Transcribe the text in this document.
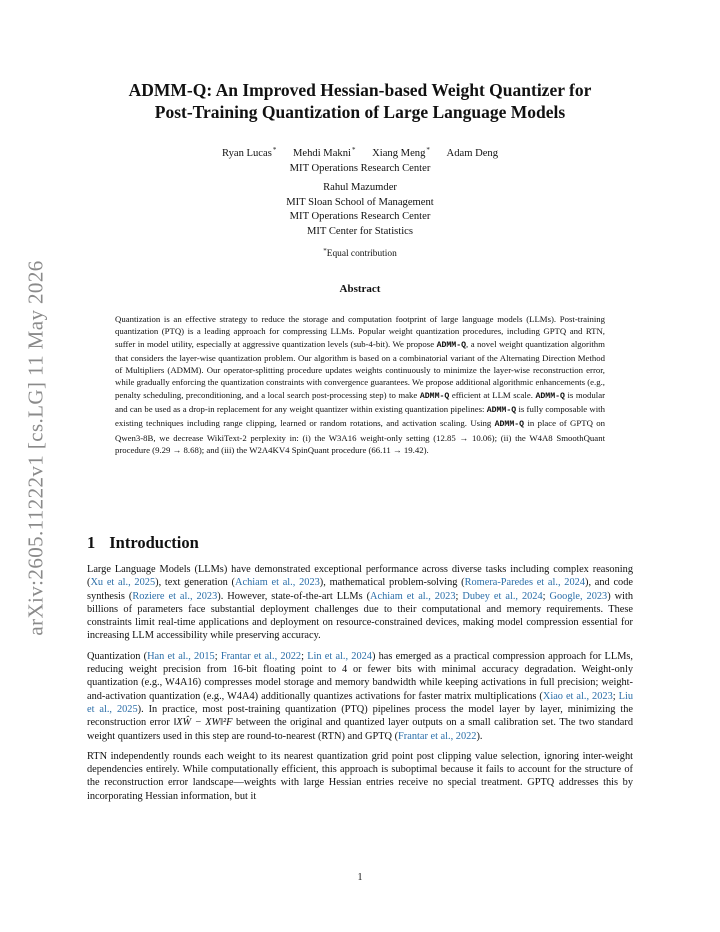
arXiv:2605.11222v1 [cs.LG] 11 May 2026
ADMM-Q: An Improved Hessian-based Weight Quantizer for
Post-Training Quantization of Large Language Models
Ryan Lucas* Mehdi Makni* Xiang Meng* Adam Deng
MIT Operations Research Center
Rahul Mazumder
MIT Sloan School of Management
MIT Operations Research Center
MIT Center for Statistics
*Equal contribution
Abstract

Quantization is an effective strategy to reduce the storage and computation footprint of large language models (LLMs). Post-training quantization (PTQ) is a leading approach for compressing LLMs. Popular weight quantization procedures, including GPTQ and RTN, suffer in model utility, especially at aggressive quantization levels (sub-4-bit). We propose ADMM-Q, a novel weight quantization algorithm that considers the layer-wise quantization problem. Our algorithm is based on a combinatorial variant of the Alternating Direction Method of Multipliers (ADMM). Our operator-splitting procedure updates weights continuously to minimize the layer-wise reconstruction error, while gradually enforcing the quantization constraints with convergence guarantees. We propose additional algorithmic enhancements (e.g., penalty scheduling, preconditioning, and a local search post-processing step) to make ADMM-Q efficient at LLM scale. ADMM-Q is modular and can be used as a drop-in replacement for any weight quantizer within existing quantization pipelines: ADMM-Q is fully composable with existing techniques including range clipping, learned or random rotations, and activation scaling. Using ADMM-Q in place of GPTQ on Qwen3-8B, we decrease WikiText-2 perplexity in: (i) the W3A16 weight-only setting (12.85 → 10.06); (ii) the W4A8 SmoothQuant procedure (9.29 → 8.68); and (iii) the W2A4KV4 SpinQuant procedure (66.11 → 19.42).

1 Introduction

Large Language Models (LLMs) have demonstrated exceptional performance across diverse tasks including complex reasoning (Xu et al., 2025), text generation (Achiam et al., 2023), mathematical problem-solving (Romera-Paredes et al., 2024), and code synthesis (Roziere et al., 2023). However, state-of-the-art LLMs (Achiam et al., 2023; Dubey et al., 2024; Google, 2023) with billions of parameters face substantial deployment challenges due to their computational and memory requirements. These constraints limit real-time applications and deployment on resource-constrained devices, making model compression essential for increasing LLM accessibility while preserving accuracy.

Quantization (Han et al., 2015; Frantar et al., 2022; Lin et al., 2024) has emerged as a practical compression approach for LLMs, reducing weight precision from 16-bit floating point to 4 or fewer bits with minimal accuracy degradation. Weight-only quantization (e.g., W4A16) compresses model storage and memory bandwidth while keeping activations in full precision; weight-and-activation quantization (e.g., W4A4) additionally quantizes activations for faster matrix multiplications (Xiao et al., 2023; Liu et al., 2025). In practice, most post-training quantization (PTQ) pipelines process the model layer by layer, minimizing the reconstruction error ‖XŴ − XW‖²F between the original and quantized layer outputs on a small calibration set. The two standard weight quantizers used in this step are round-to-nearest (RTN) and GPTQ (Frantar et al., 2022).

RTN independently rounds each weight to its nearest quantization grid point post clipping value selection, ignoring inter-weight dependencies entirely. While computationally efficient, this approach is suboptimal because it fails to account for the structure of the reconstruction error landscape—weights with large Hessian entries receive no special treatment. GPTQ addresses this by incorporating Hessian information, but it

1
